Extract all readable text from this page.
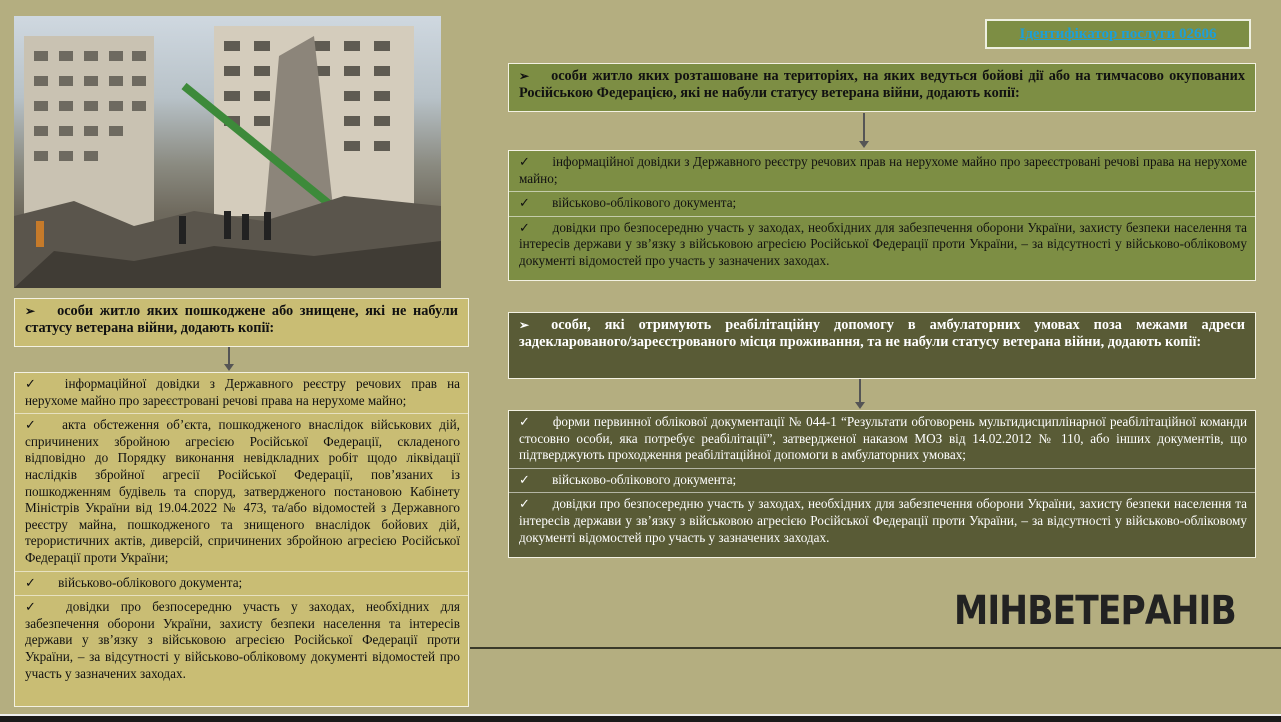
Ідентифікатор послуги 02606
➢ особи житло яких розташоване на територіях, на яких ведуться бойові дії або на тимчасово окупованих Російською Федерацією, які не набули статусу ветерана війни, додають копії:
✓ інформаційної довідки з Державного реєстру речових прав на нерухоме майно про зареєстровані речові права на нерухоме майно;
✓ військово-облікового документа;
✓ довідки про безпосередню участь у заходах, необхідних для забезпечення оборони України, захисту безпеки населення та інтересів держави у зв’язку з військовою агресією Російської Федерації проти України, – за відсутності у військово-обліковому документі відомостей про участь у зазначених заходах.
➢ особи, які отримують реабілітаційну допомогу в амбулаторних умовах поза межами адреси задекларованого/зареєстрованого місця проживання, та не набули статусу ветерана війни, додають копії:
✓ форми первинної облікової документації № 044-1 “Результати обговорень мультидисциплінарної реабілітаційної команди стосовно особи, яка потребує реабілітації”, затвердженої наказом МОЗ від 14.02.2012 № 110, або інших документів, що підтверджують проходження реабілітаційної допомоги в амбулаторних умовах;
✓ військово-облікового документа;
✓ довідки про безпосередню участь у заходах, необхідних для забезпечення оборони України, захисту безпеки населення та інтересів держави у зв’язку з військовою агресією Російської Федерації проти України, – за відсутності у військово-обліковому документі відомостей про участь у зазначених заходах.
➢ особи житло яких пошкоджене або знищене, які не набули статусу ветерана війни, додають копії:
✓ інформаційної довідки з Державного реєстру речових прав на нерухоме майно про зареєстровані речові права на нерухоме майно;
✓ акта обстеження об’єкта, пошкодженого внаслідок військових дій, спричинених збройною агресією Російської Федерації, складеного відповідно до Порядку виконання невідкладних робіт щодо ліквідації наслідків збройної агресії Російської Федерації, пов’язаних із пошкодженням будівель та споруд, затвердженого постановою Кабінету Міністрів України від 19.04.2022 № 473, та/або відомостей з Державного реєстру майна, пошкодженого та знищеного внаслідок бойових дій, терористичних актів, диверсій, спричинених збройною агресією Російської Федерації проти України;
✓ військово-облікового документа;
✓ довідки про безпосередню участь у заходах, необхідних для забезпечення оборони України, захисту безпеки населення та інтересів держави у зв’язку з військовою агресією Російської Федерації проти України, – за відсутності у військово-обліковому документі відомостей про участь у зазначених заходах.
МІНВЕТЕРАНІВ
